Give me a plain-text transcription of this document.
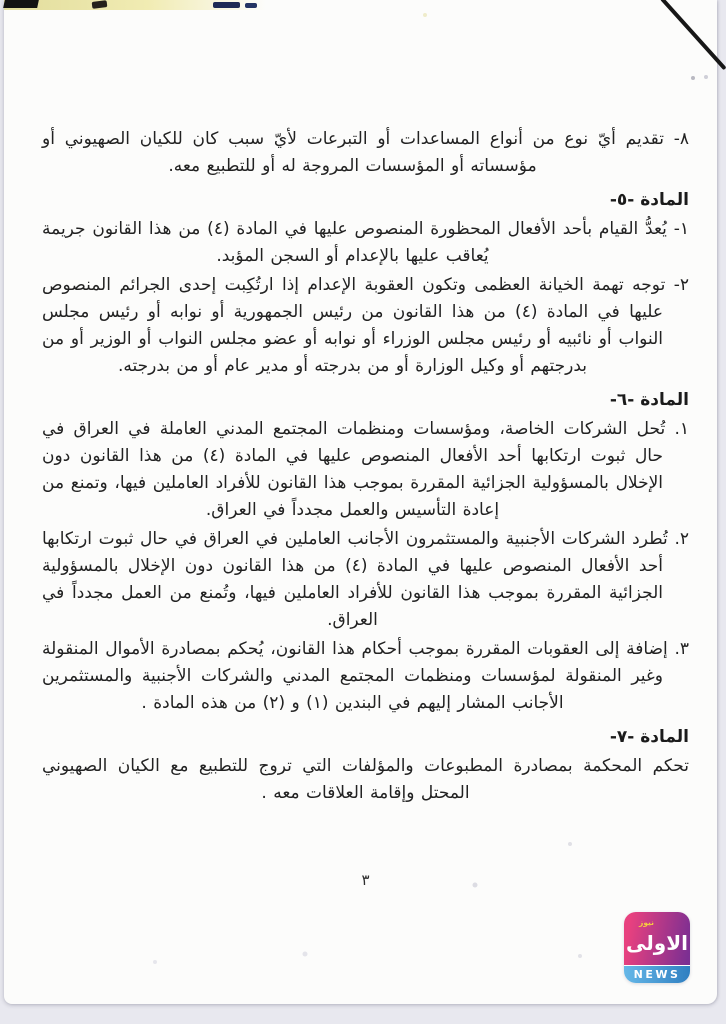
٨- تقديم أيّ نوع من أنواع المساعدات أو التبرعات لأيّ سبب كان للكيان الصهيوني أو مؤسساته أو المؤسسات المروجة له أو للتطبيع معه.

المادة -٥-

١- يُعدُّ القيام بأحد الأفعال المحظورة المنصوص عليها في المادة (٤) من هذا القانون جريمة يُعاقب عليها بالإعدام أو السجن المؤبد.

٢- توجه تهمة الخيانة العظمى وتكون العقوبة الإعدام إذا ارتُكِبت إحدى الجرائم المنصوص عليها في المادة (٤) من هذا القانون من رئيس الجمهورية أو نوابه أو رئيس مجلس النواب أو نائبيه أو رئيس مجلس الوزراء أو نوابه أو عضو مجلس النواب أو الوزير أو من بدرجتهم أو وكيل الوزارة أو من بدرجته أو مدير عام أو من بدرجته.

المادة -٦-

١. تُحل الشركات الخاصة، ومؤسسات ومنظمات المجتمع المدني العاملة في العراق في حال ثبوت ارتكابها أحد الأفعال المنصوص عليها في المادة (٤) من هذا القانون دون الإخلال بالمسؤولية الجزائية المقررة بموجب هذا القانون للأفراد العاملين فيها، وتمنع من إعادة التأسيس والعمل مجدداً في العراق.

٢. تُطرد الشركات الأجنبية والمستثمرون الأجانب العاملين في العراق في حال ثبوت ارتكابها أحد الأفعال المنصوص عليها في المادة (٤) من هذا القانون دون الإخلال بالمسؤولية الجزائية المقررة بموجب هذا القانون للأفراد العاملين فيها، وتُمنع من العمل مجدداً في العراق.

٣. إضافة إلى العقوبات المقررة بموجب أحكام هذا القانون، يُحكم بمصادرة الأموال المنقولة وغير المنقولة لمؤسسات ومنظمات المجتمع المدني والشركات الأجنبية والمستثمرين الأجانب المشار إليهم في البندين (١) و (٢) من هذه المادة .

المادة -٧-

تحكم المحكمة بمصادرة المطبوعات والمؤلفات التي تروج للتطبيع مع الكيان الصهيوني المحتل وإقامة العلاقات معه .

٣
نيوز
الاولى
NEWS
